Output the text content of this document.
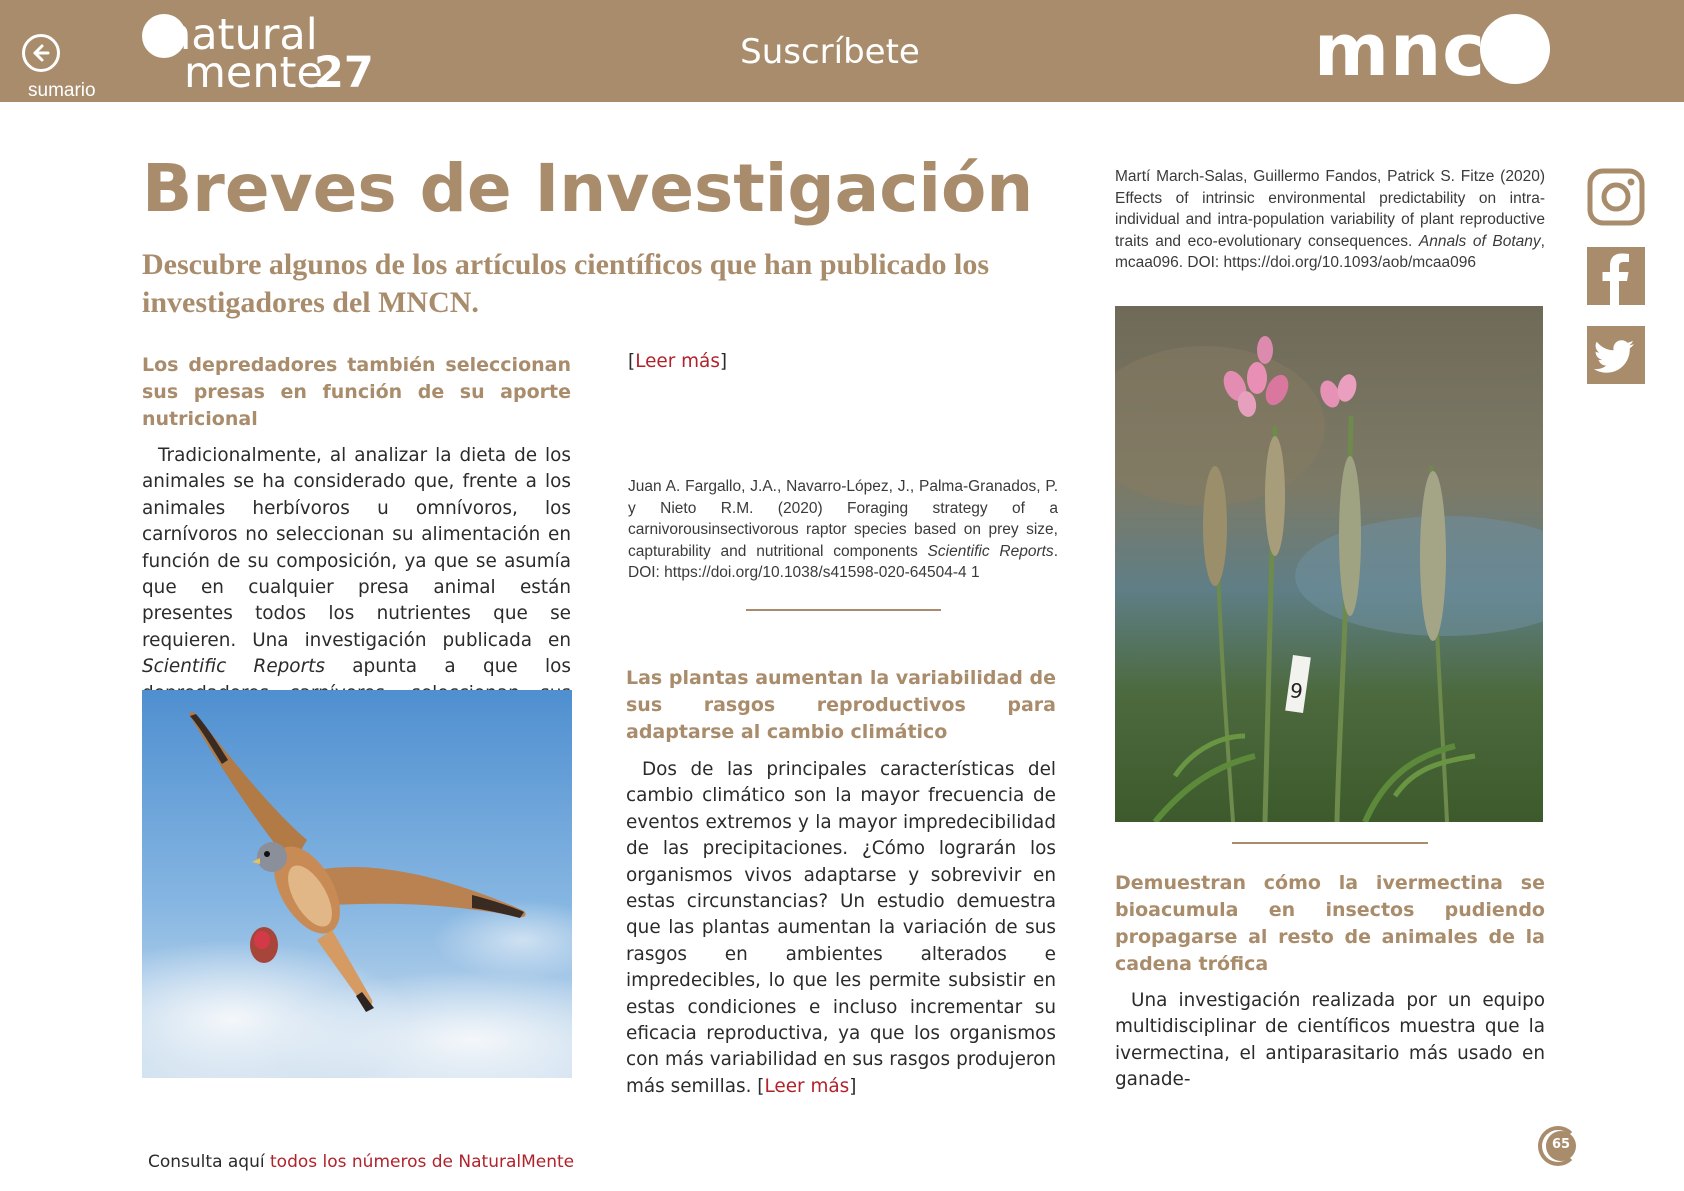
sumario
natural
mente
27	Suscríbete	mncn
Breves de Investigación
Descubre algunos de los artículos científicos que han publicado los investigadores del MNCN.
Los depredadores también seleccionan sus presas en función de su aporte nutricional
Tradicionalmente, al analizar la dieta de los animales se ha considerado que, frente a los animales herbívoros u omnívoros, los carnívoros no seleccionan su alimentación en función de su composición, ya que se asumía que en cualquier presa animal están presentes todos los nutrientes que se requieren. Una investigación publicada en Scientific Reports apunta a que los
[Leer más]
Juan A. Fargallo, J.A., Navarro-López, J., Palma-Granados, P. y Nieto R.M. (2020) Foraging strategy of a carnivorousinsectivorous raptor species based on prey size, capturability and nutritional components Scientific Reports. DOI: https://doi.org/10.1038/s41598-020-64504-4 1
Las plantas aumentan la variabilidad de sus rasgos reproductivos para adaptarse al cambio climático
Dos de las principales características del cambio climático son la mayor frecuencia de eventos extremos y la mayor impredecibilidad de las precipitaciones. ¿Cómo lograrán los organismos vivos adaptarse y sobrevivir en estas circunstancias? Un estudio demuestra que las plantas aumentan la variación de sus rasgos en ambientes alterados e impredecibles, lo que les permite subsistir en estas condiciones e incluso incrementar su eficacia reproductiva, ya que los organismos con más variabilidad en sus rasgos produjeron más semillas. [Leer más]
Martí March-Salas, Guillermo Fandos, Patrick S. Fitze (2020) Effects of intrinsic environmental predictability on intra-individual and intra-population variability of plant reproductive traits and eco-evolutionary consequences. Annals of Botany, mcaa096. DOI: https://doi.org/10.1093/aob/mcaa096
9
Demuestran cómo la ivermectina se bioacumula en insectos pudiendo propagarse al resto de animales de la cadena trófica
Una investigación realizada por un equipo multidisciplinar de científicos muestra que la ivermectina, el antiparasitario más usado en ganade-
Consulta aquí todos los números de NaturalMente
65
